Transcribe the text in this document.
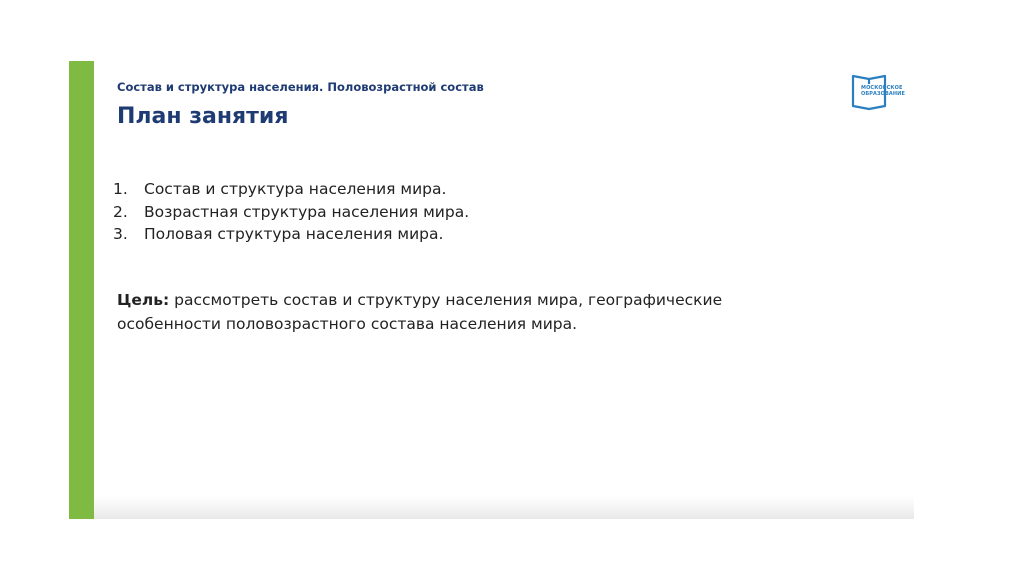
Состав и структура населения. Половозрастной состав
План занятия
МОСКОВСКОЕ
ОБРАЗОВАНИЕ
1. Состав и структура населения мира.
2. Возрастная структура населения мира.
3. Половая структура населения мира.
Цель: рассмотреть состав и структуру населения мира, географические особенности половозрастного состава населения мира.
